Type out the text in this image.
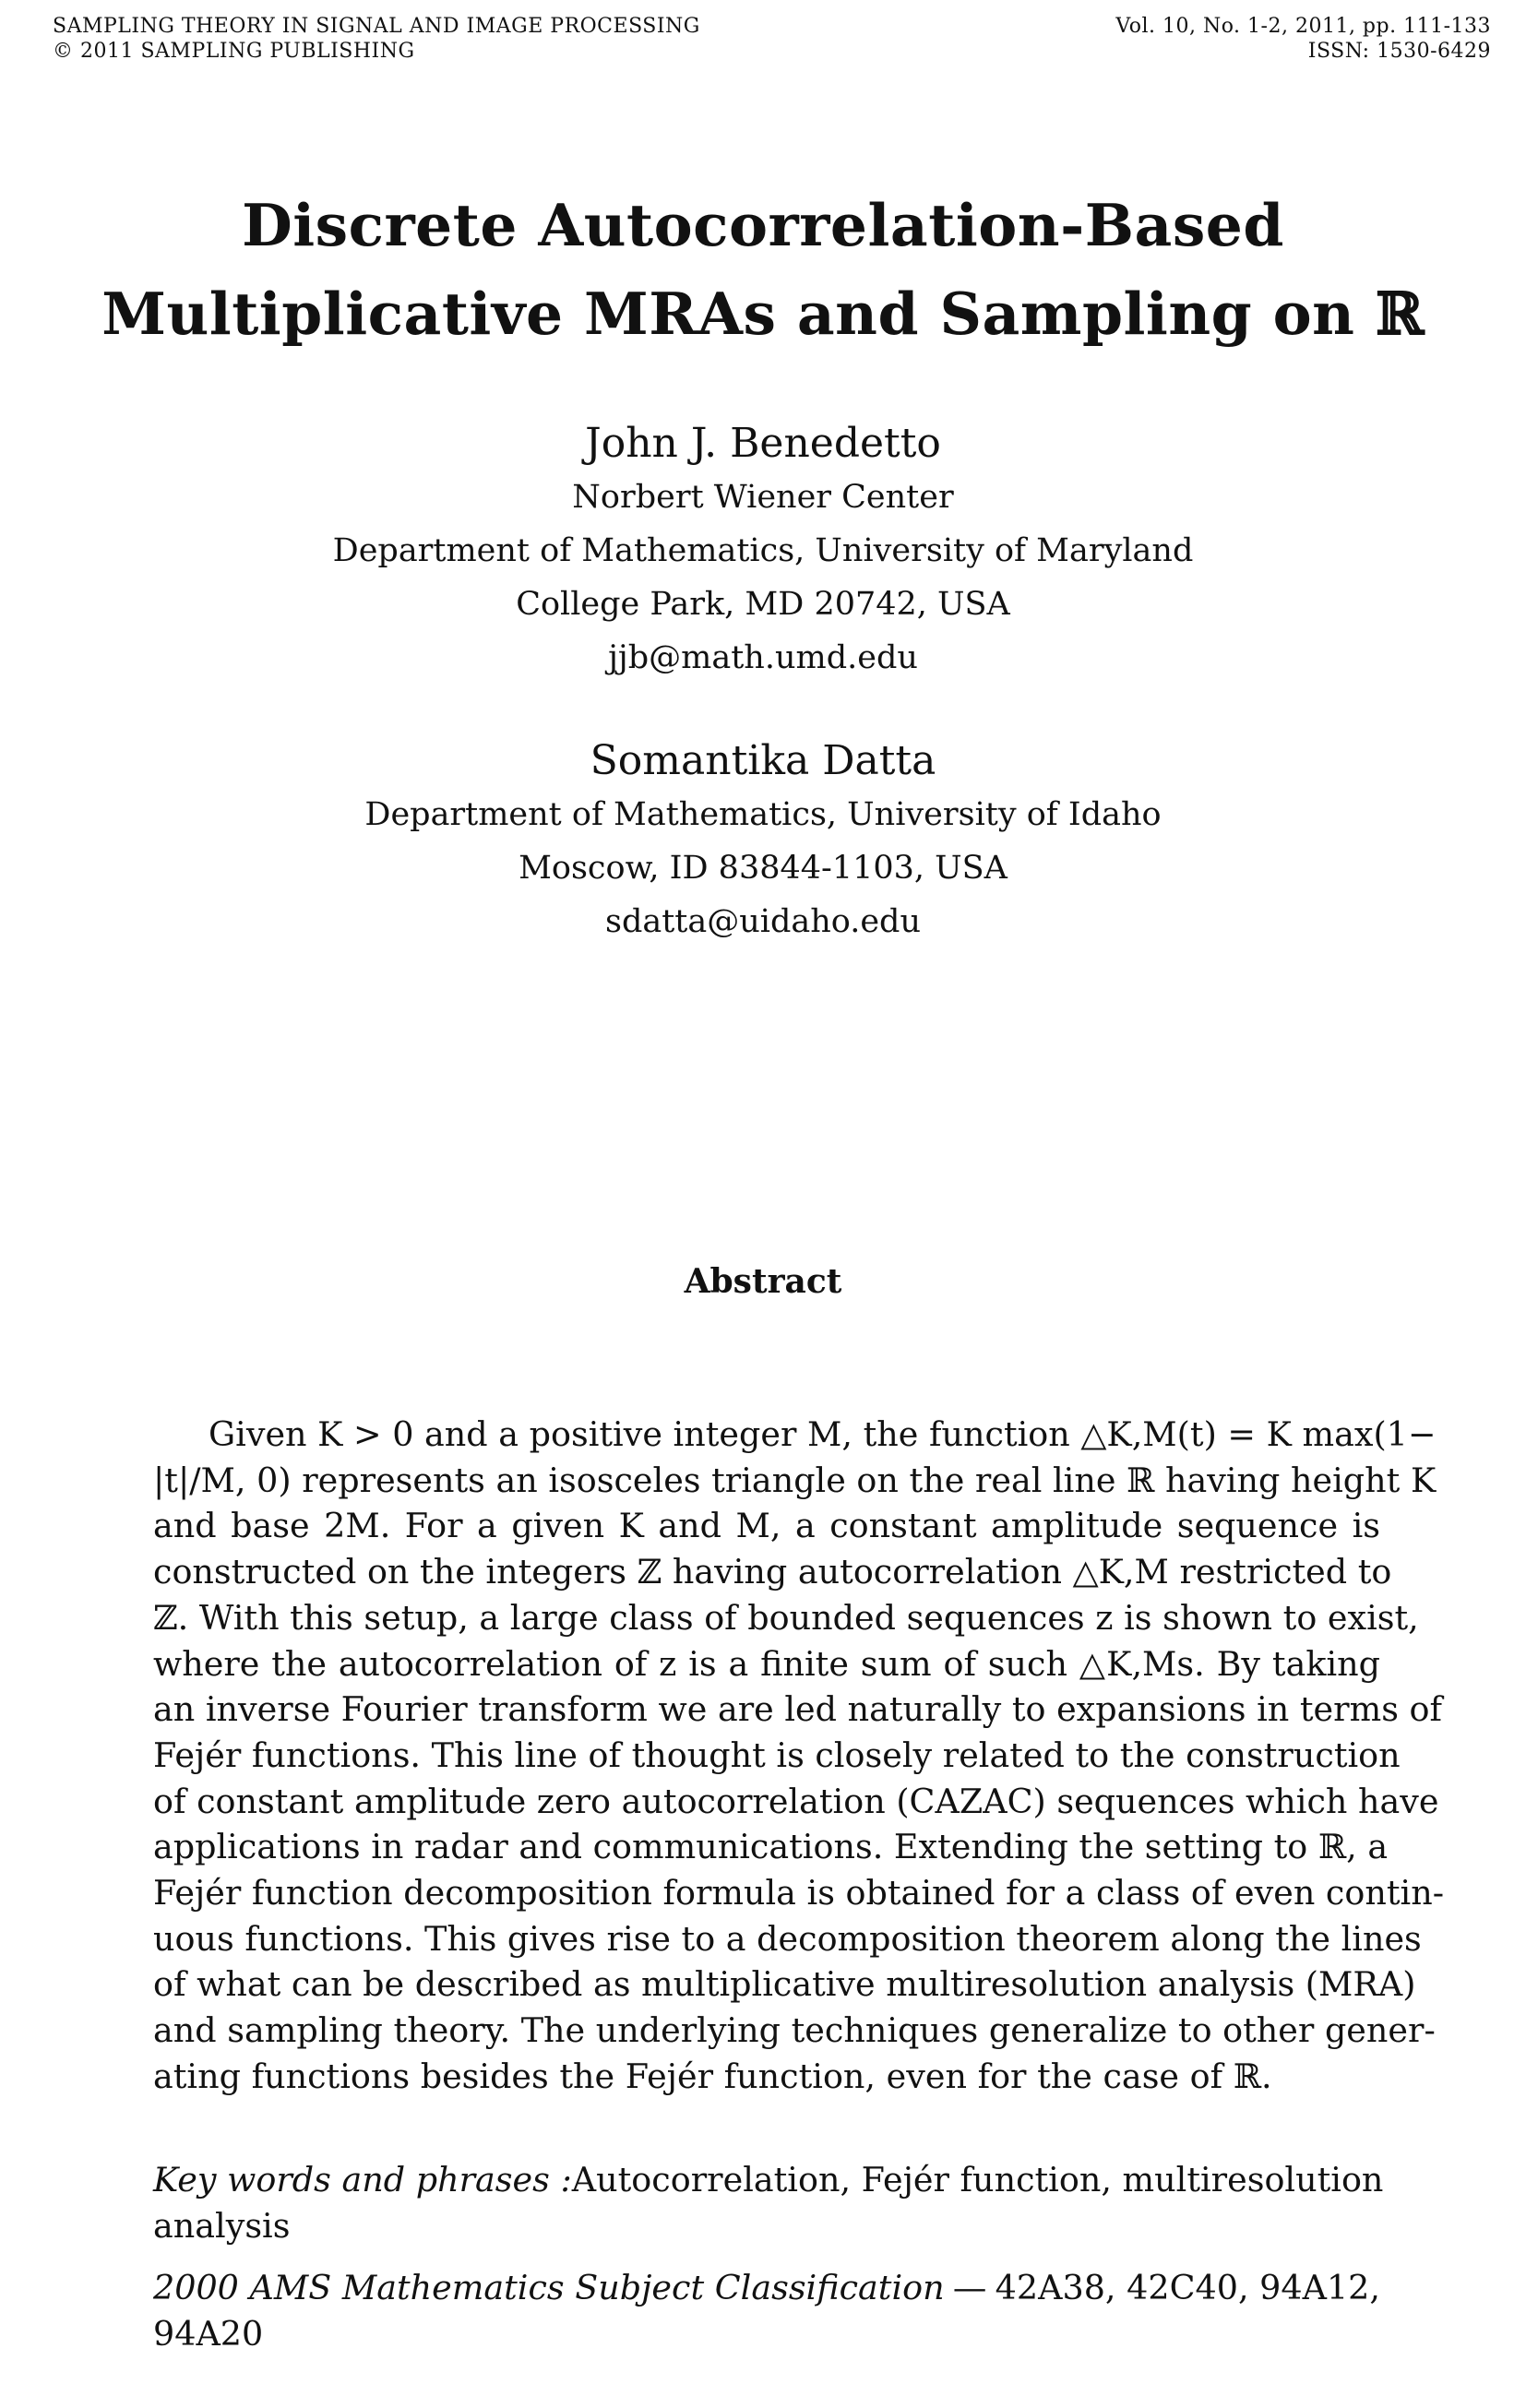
SAMPLING THEORY IN SIGNAL AND IMAGE PROCESSING
© 2011 SAMPLING PUBLISHING
Vol. 10, No. 1-2, 2011, pp. 111-133
ISSN: 1530-6429
Discrete Autocorrelation-Based
Multiplicative MRAs and Sampling on ℝ
John J. Benedetto
Norbert Wiener Center
Department of Mathematics, University of Maryland
College Park, MD 20742, USA
jjb@math.umd.edu
Somantika Datta
Department of Mathematics, University of Idaho
Moscow, ID 83844-1103, USA
sdatta@uidaho.edu
Abstract
Given K > 0 and a positive integer M, the function △K,M(t) = K max(1−
|t|/M, 0) represents an isosceles triangle on the real line ℝ having height K
and base 2M. For a given K and M, a constant amplitude sequence is
constructed on the integers ℤ having autocorrelation △K,M restricted to
ℤ. With this setup, a large class of bounded sequences z is shown to exist,
where the autocorrelation of z is a finite sum of such △K,Ms. By taking
an inverse Fourier transform we are led naturally to expansions in terms of
Fejér functions. This line of thought is closely related to the construction
of constant amplitude zero autocorrelation (CAZAC) sequences which have
applications in radar and communications. Extending the setting to ℝ, a
Fejér function decomposition formula is obtained for a class of even contin-
uous functions. This gives rise to a decomposition theorem along the lines
of what can be described as multiplicative multiresolution analysis (MRA)
and sampling theory. The underlying techniques generalize to other gener-
ating functions besides the Fejér function, even for the case of ℝ.
Key words and phrases : Autocorrelation, Fejér function, multiresolution
analysis
2000 AMS Mathematics Subject Classification — 42A38, 42C40, 94A12,
94A20
